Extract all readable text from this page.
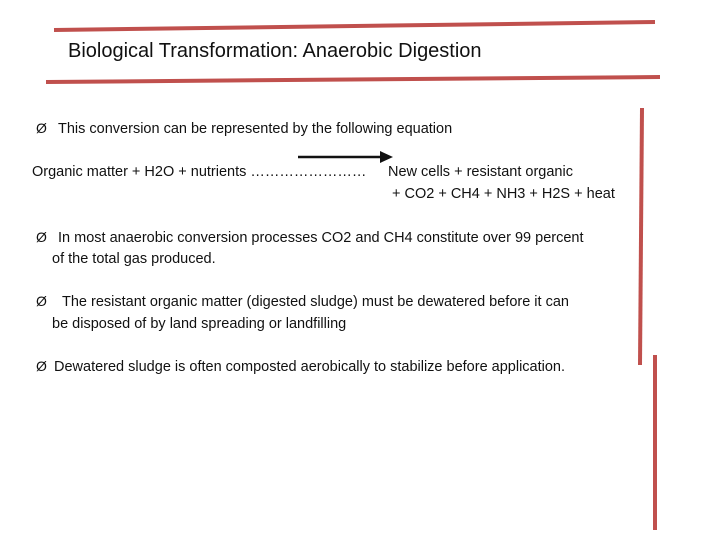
Biological Transformation: Anaerobic Digestion
Ø This conversion can be represented by the following equation
Organic matter + H2O + nutrients …………………… New cells + resistant organic
+ CO2 + CH4 + NH3 + H2S + heat
Ø In most anaerobic conversion processes CO2 and CH4 constitute over 99 percent
of the total gas produced.
Ø The resistant organic matter (digested sludge) must be dewatered before it can
be disposed of by land spreading or landfilling
Ø Dewatered sludge is often composted aerobically to stabilize before application.
